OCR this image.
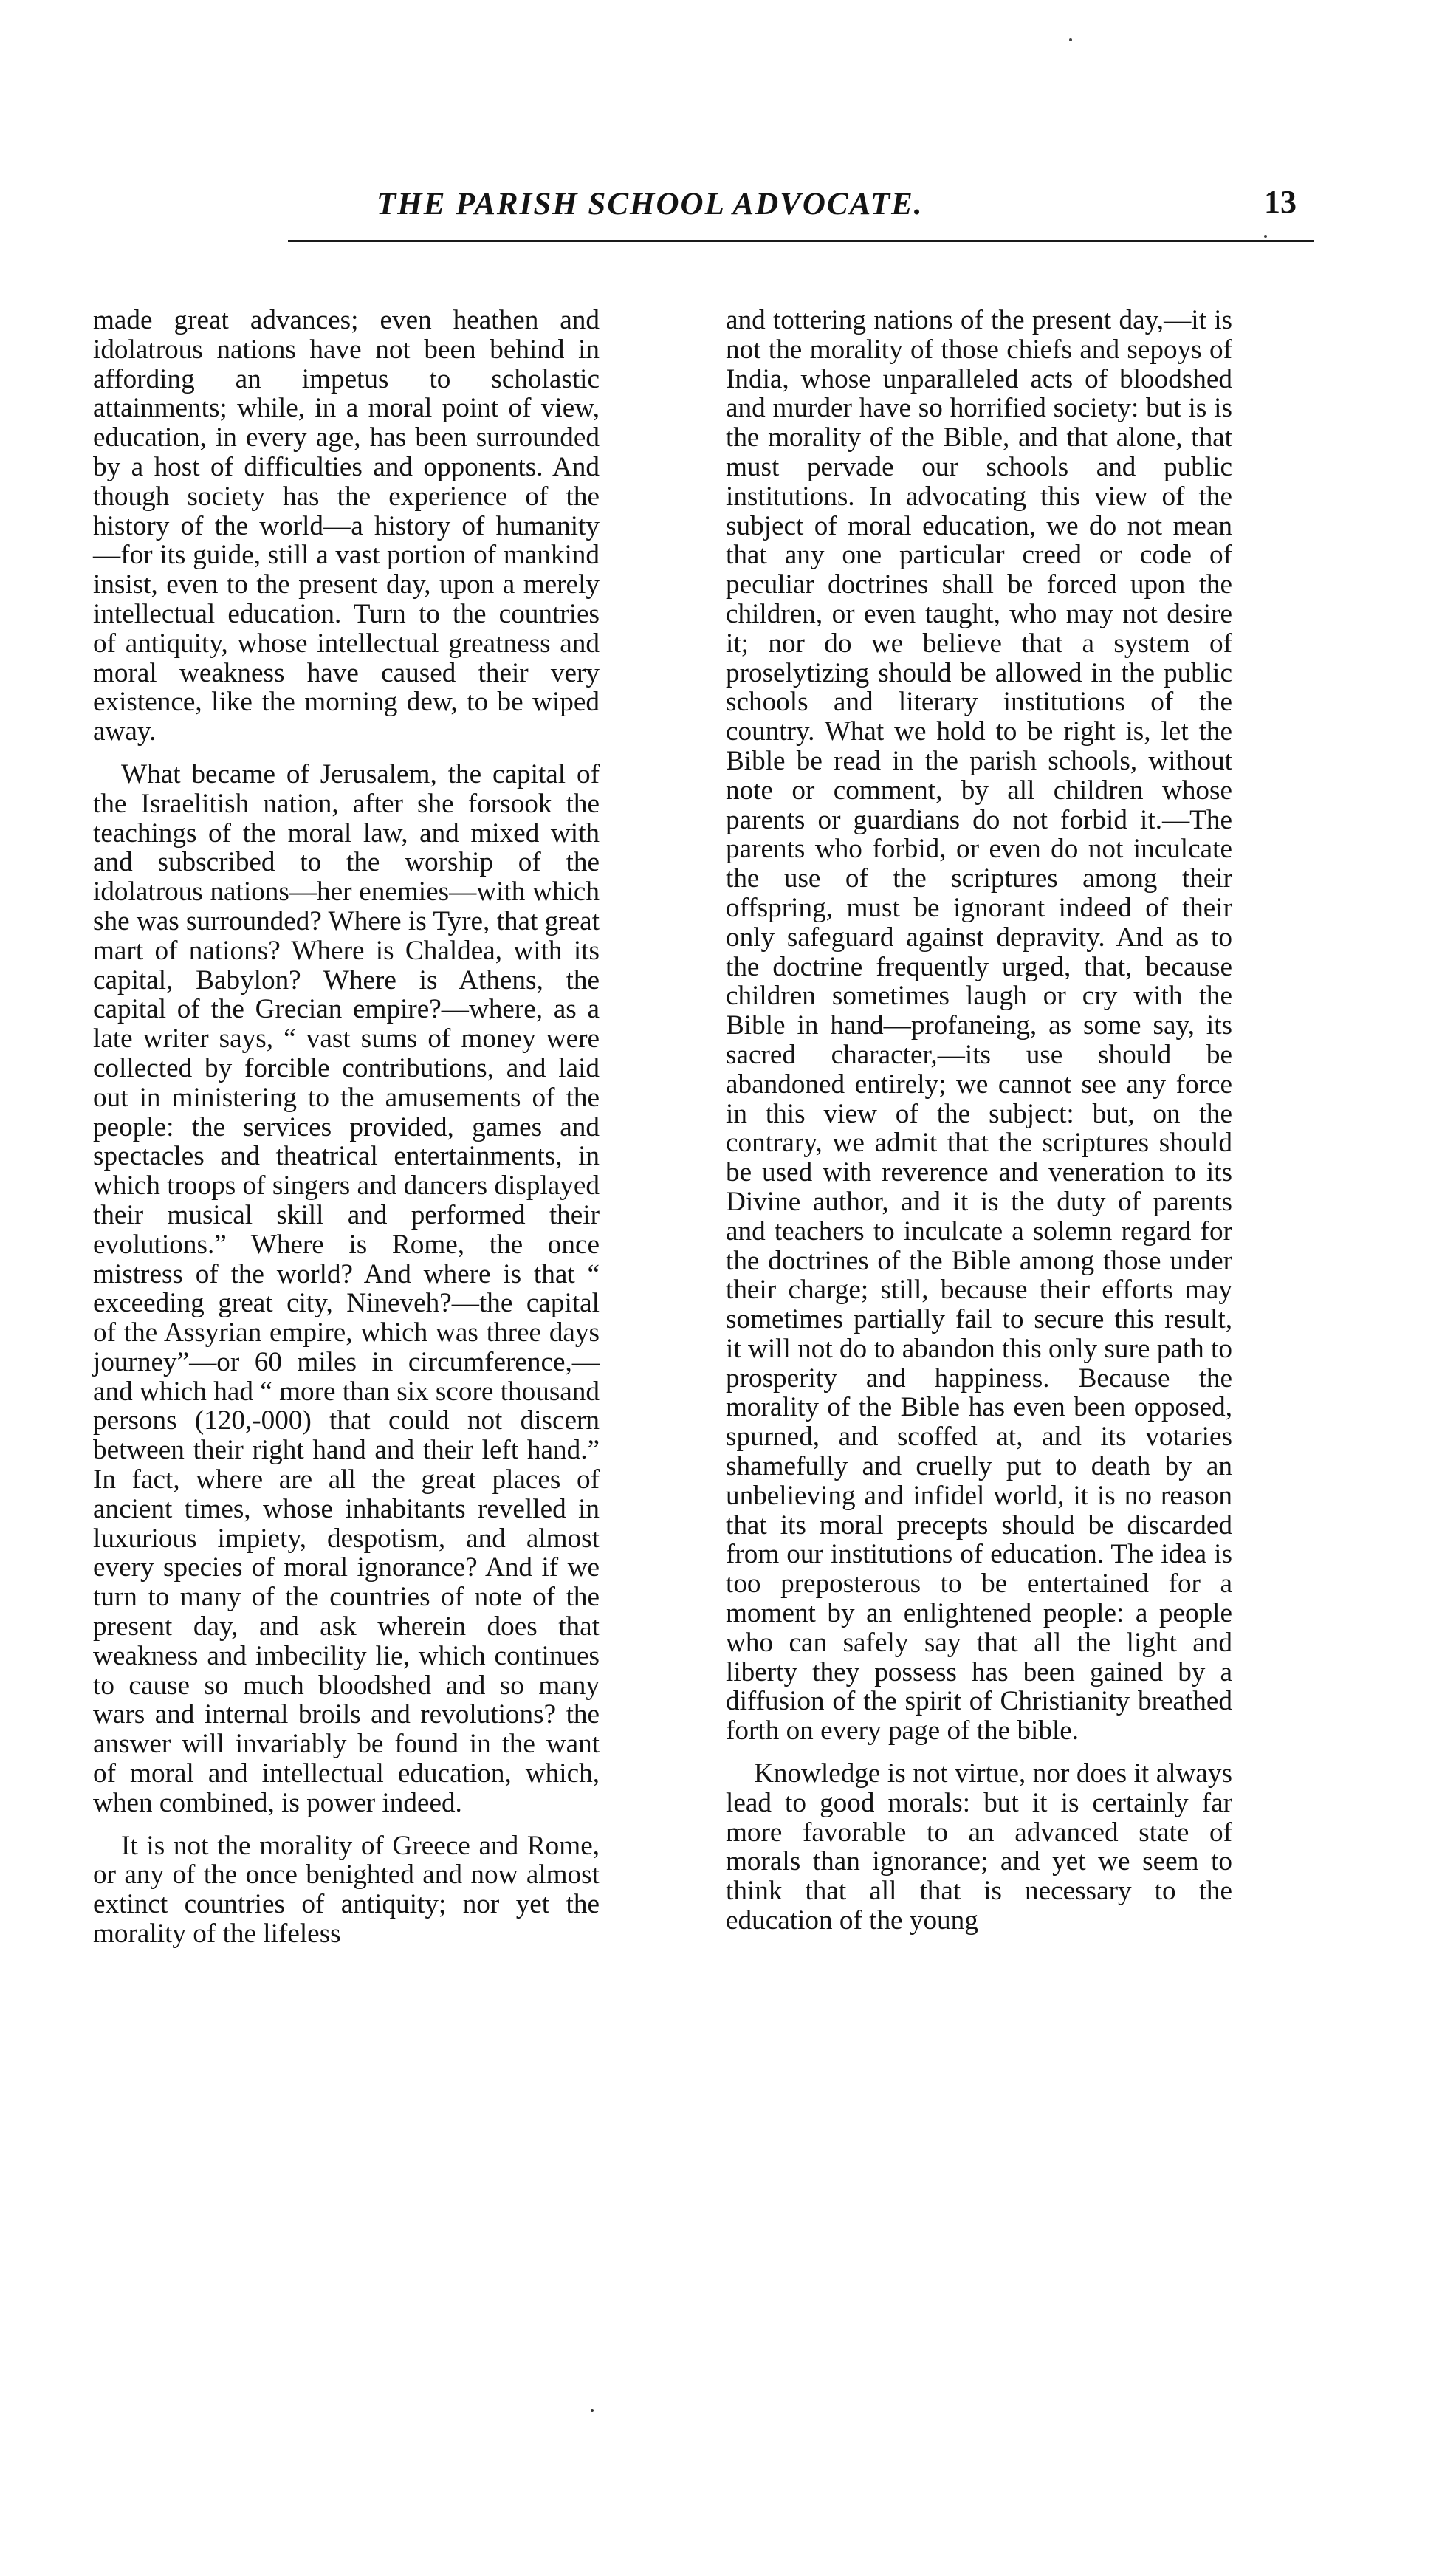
THE PARISH SCHOOL ADVOCATE.	13

made great advances; even heathen and idolatrous nations have not been behind in affording an impetus to scholastic attainments; while, in a moral point of view, education, in every age, has been surrounded by a host of difficulties and opponents. And though society has the experience of the history of the world—a history of humanity—for its guide, still a vast portion of mankind insist, even to the present day, upon a merely intellectual education. Turn to the countries of antiquity, whose intellectual greatness and moral weakness have caused their very existence, like the morning dew, to be wiped away.

What became of Jerusalem, the capital of the Israelitish nation, after she forsook the teachings of the moral law, and mixed with and subscribed to the worship of the idolatrous nations—her enemies—with which she was surrounded? Where is Tyre, that great mart of nations? Where is Chaldea, with its capital, Babylon? Where is Athens, the capital of the Grecian empire?—where, as a late writer says, “ vast sums of money were collected by forcible contributions, and laid out in ministering to the amusements of the people: the services provided, games and spectacles and theatrical entertainments, in which troops of singers and dancers displayed their musical skill and performed their evolutions.” Where is Rome, the once mistress of the world? And where is that “ exceeding great city, Nineveh?—the capital of the Assyrian empire, which was three days journey”—or 60 miles in circumference,—and which had “ more than six score thousand persons (120,-000) that could not discern between their right hand and their left hand.” In fact, where are all the great places of ancient times, whose inhabitants revelled in luxurious impiety, despotism, and almost every species of moral ignorance? And if we turn to many of the countries of note of the present day, and ask wherein does that weakness and imbecility lie, which continues to cause so much bloodshed and so many wars and internal broils and revolutions? the answer will invariably be found in the want of moral and intellectual education, which, when combined, is power indeed.

It is not the morality of Greece and Rome, or any of the once benighted and now almost extinct countries of antiquity; nor yet the morality of the lifeless

and tottering nations of the present day,—it is not the morality of those chiefs and sepoys of India, whose unparalleled acts of bloodshed and murder have so horrified society: but is is the morality of the Bible, and that alone, that must pervade our schools and public institutions. In advocating this view of the subject of moral education, we do not mean that any one particular creed or code of peculiar doctrines shall be forced upon the children, or even taught, who may not desire it; nor do we believe that a system of proselytizing should be allowed in the public schools and literary institutions of the country. What we hold to be right is, let the Bible be read in the parish schools, without note or comment, by all children whose parents or guardians do not forbid it.—The parents who forbid, or even do not inculcate the use of the scriptures among their offspring, must be ignorant indeed of their only safeguard against depravity. And as to the doctrine frequently urged, that, because children sometimes laugh or cry with the Bible in hand—profaneing, as some say, its sacred character,—its use should be abandoned entirely; we cannot see any force in this view of the subject: but, on the contrary, we admit that the scriptures should be used with reverence and veneration to its Divine author, and it is the duty of parents and teachers to inculcate a solemn regard for the doctrines of the Bible among those under their charge; still, because their efforts may sometimes partially fail to secure this result, it will not do to abandon this only sure path to prosperity and happiness. Because the morality of the Bible has even been opposed, spurned, and scoffed at, and its votaries shamefully and cruelly put to death by an unbelieving and infidel world, it is no reason that its moral precepts should be discarded from our institutions of education. The idea is too preposterous to be entertained for a moment by an enlightened people: a people who can safely say that all the light and liberty they possess has been gained by a diffusion of the spirit of Christianity breathed forth on every page of the bible.

Knowledge is not virtue, nor does it always lead to good morals: but it is certainly far more favorable to an advanced state of morals than ignorance; and yet we seem to think that all that is necessary to the education of the young
